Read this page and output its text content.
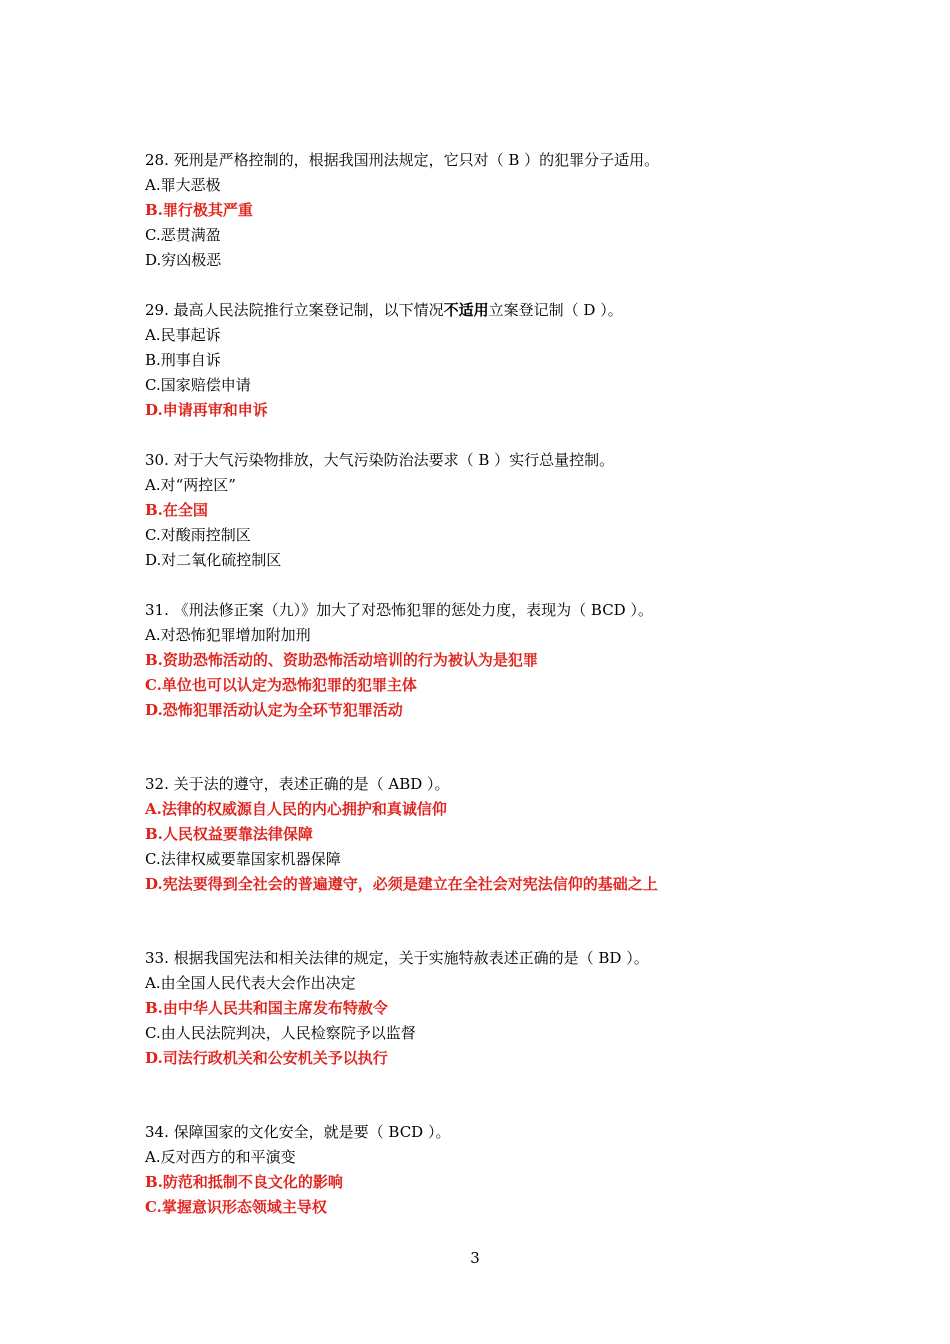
28. 死刑是严格控制的，根据我国刑法规定，它只对（ B ）的犯罪分子适用。
A.罪大恶极
B.罪行极其严重
C.恶贯满盈
D.穷凶极恶
29. 最高人民法院推行立案登记制，以下情况不适用立案登记制（ D ）。
A.民事起诉
B.刑事自诉
C.国家赔偿申请
D.申请再审和申诉
30. 对于大气污染物排放，大气污染防治法要求（ B ）实行总量控制。
A.对“两控区”
B.在全国
C.对酸雨控制区
D.对二氧化硫控制区
31. 《刑法修正案（九）》加大了对恐怖犯罪的惩处力度，表现为（ BCD ）。
A.对恐怖犯罪增加附加刑
B.资助恐怖活动的、资助恐怖活动培训的行为被认为是犯罪
C.单位也可以认定为恐怖犯罪的犯罪主体
D.恐怖犯罪活动认定为全环节犯罪活动
32. 关于法的遵守，表述正确的是（ ABD ）。
A.法律的权威源自人民的内心拥护和真诚信仰
B.人民权益要靠法律保障
C.法律权威要靠国家机器保障
D.宪法要得到全社会的普遍遵守，必须是建立在全社会对宪法信仰的基础之上
33. 根据我国宪法和相关法律的规定，关于实施特赦表述正确的是（ BD ）。
A.由全国人民代表大会作出决定
B.由中华人民共和国主席发布特赦令
C.由人民法院判决，人民检察院予以监督
D.司法行政机关和公安机关予以执行
34. 保障国家的文化安全，就是要（ BCD ）。
A.反对西方的和平演变
B.防范和抵制不良文化的影响
C.掌握意识形态领域主导权
3
